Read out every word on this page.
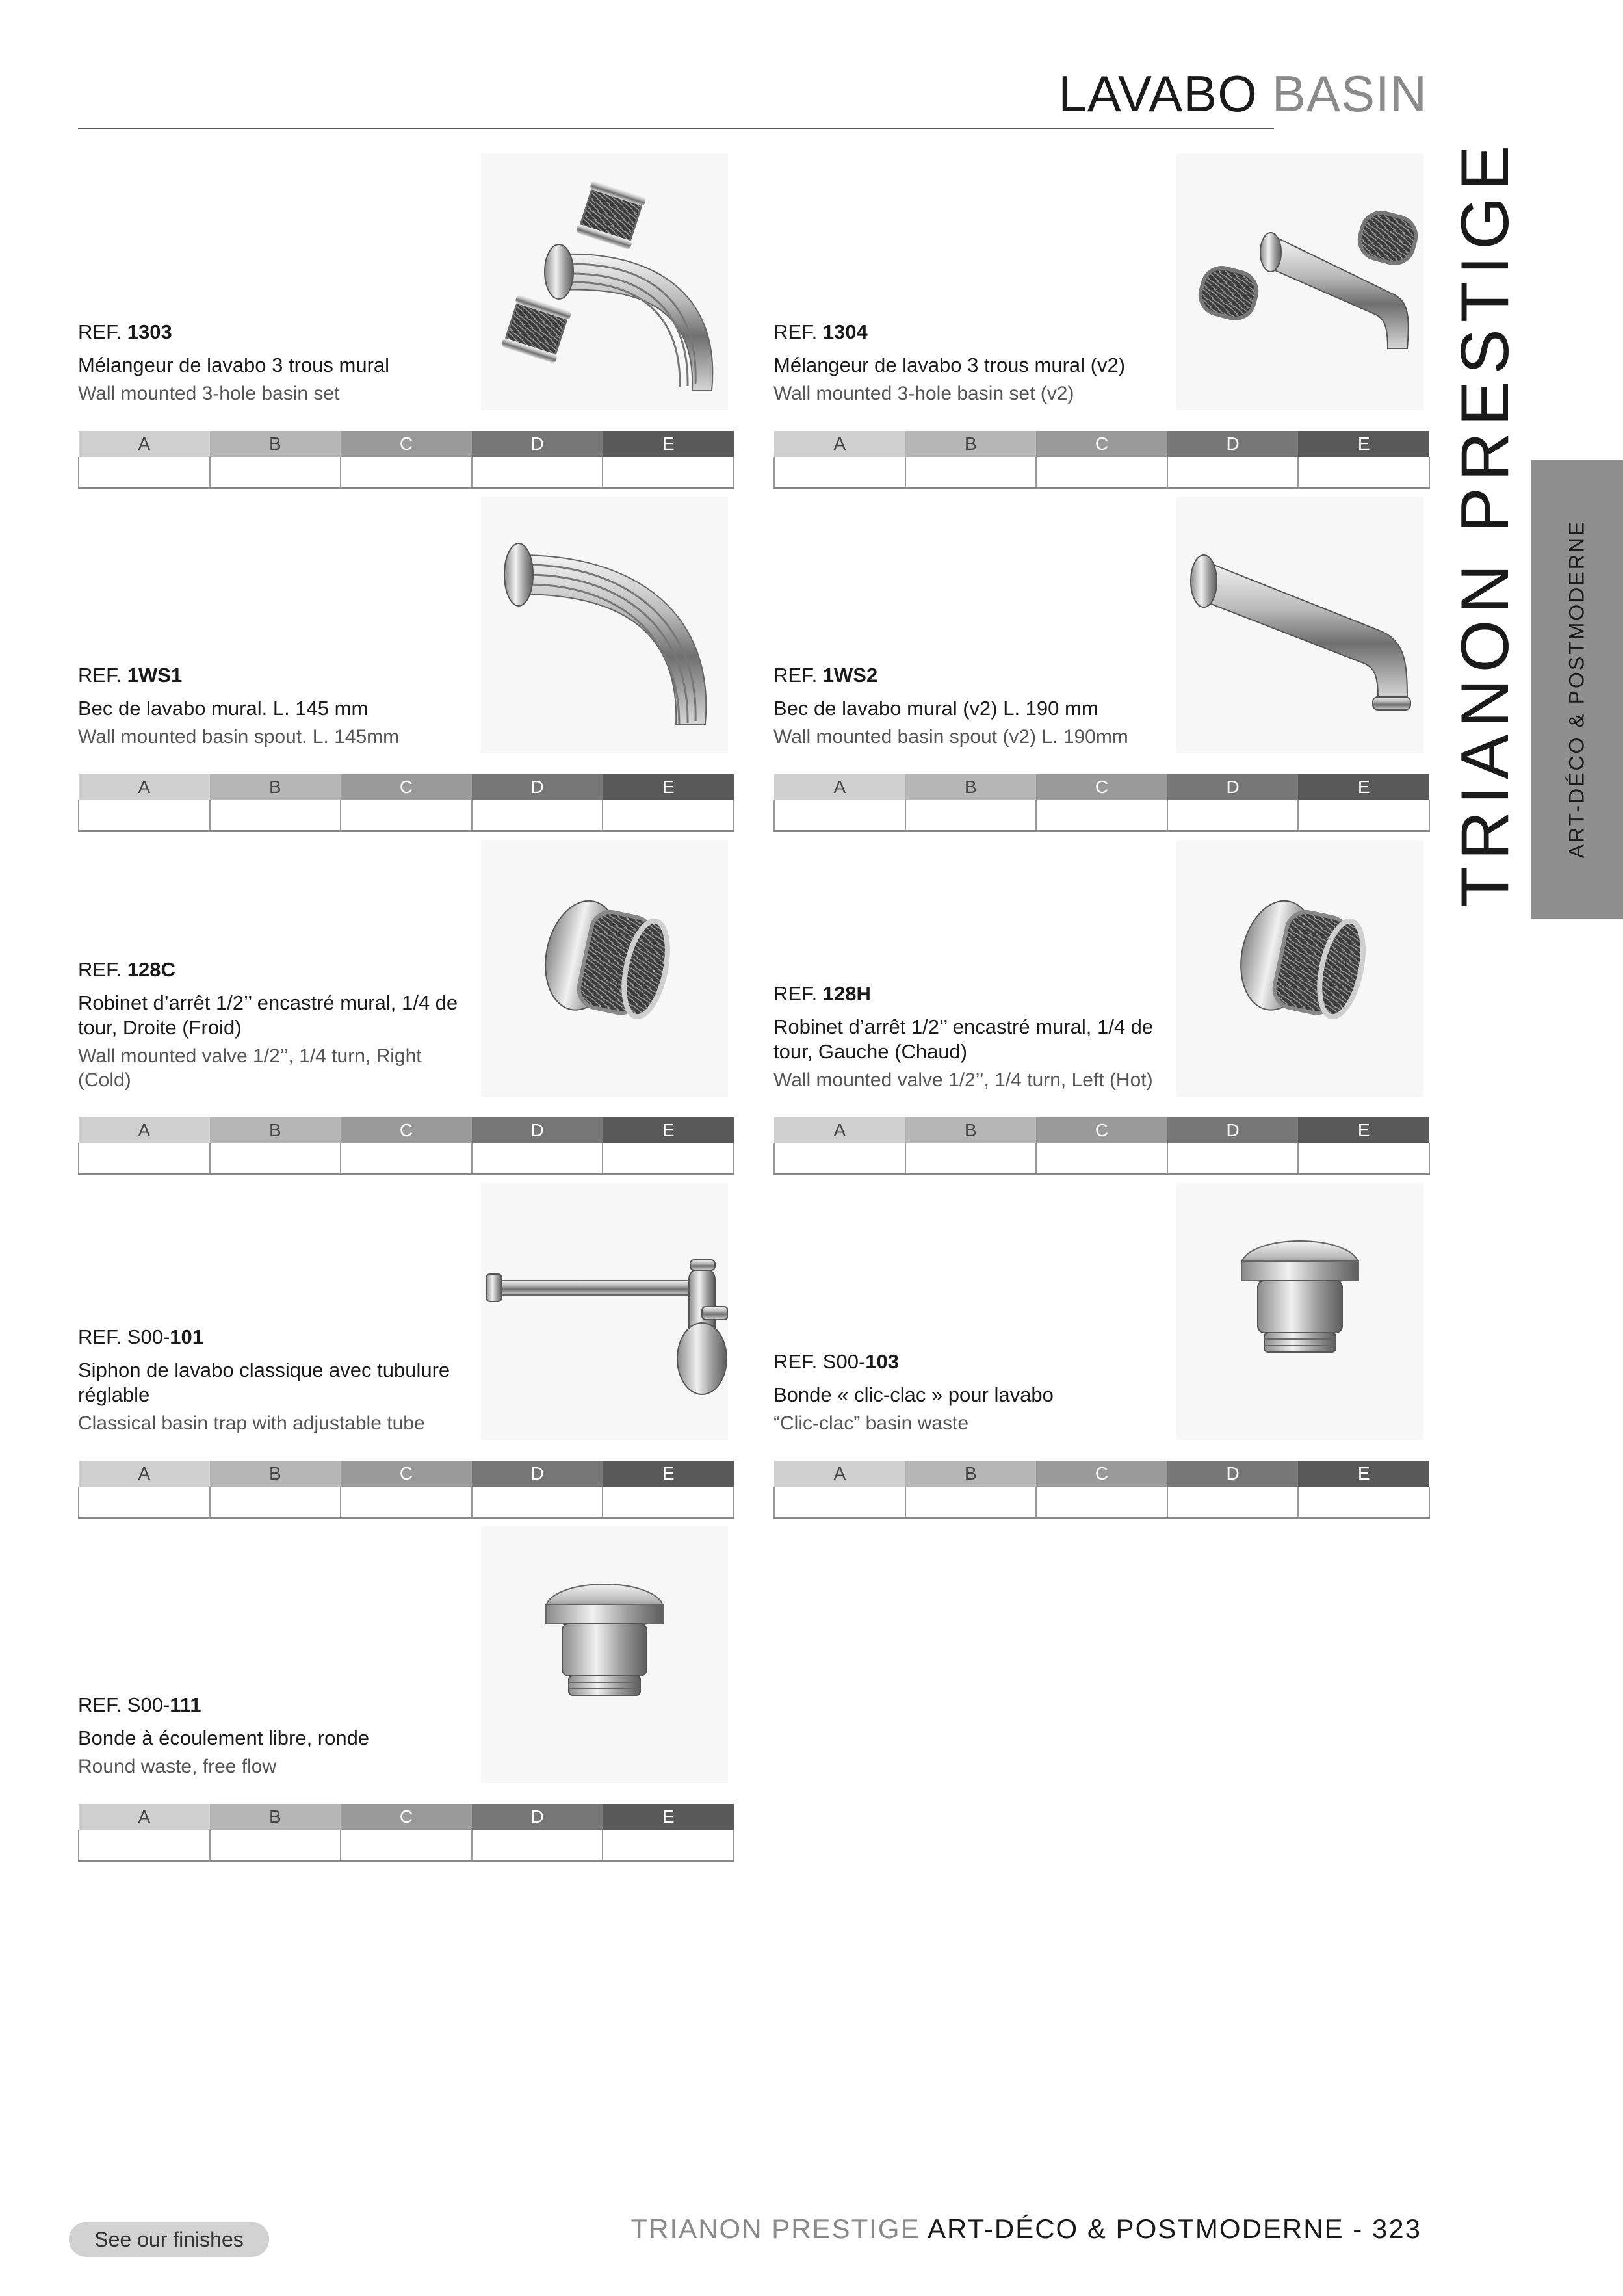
LAVABO BASIN
TRIANON PRESTIGE ART-DÉCO & POSTMODERNE
REF. 1303
Mélangeur de lavabo 3 trous mural
Wall mounted 3-hole basin set
A	B	C	D	E

REF. 1304
Mélangeur de lavabo 3 trous mural (v2)
Wall mounted 3-hole basin set (v2)
A	B	C	D	E

REF. 1WS1
Bec de lavabo mural. L. 145 mm
Wall mounted basin spout. L. 145mm
A	B	C	D	E

REF. 1WS2
Bec de lavabo mural (v2) L. 190 mm
Wall mounted basin spout (v2) L. 190mm
A	B	C	D	E

REF. 128C
Robinet d’arrêt 1/2’’ encastré mural, 1/4 de tour, Droite (Froid)
Wall mounted valve 1/2’’, 1/4 turn, Right (Cold)
A	B	C	D	E

REF. 128H
Robinet d’arrêt 1/2’’ encastré mural, 1/4 de tour, Gauche (Chaud)
Wall mounted valve 1/2’’, 1/4 turn, Left (Hot)
A	B	C	D	E

REF. S00-101
Siphon de lavabo classique avec tubulure réglable
Classical basin trap with adjustable tube
A	B	C	D	E

REF. S00-103
Bonde « clic-clac » pour lavabo
“Clic-clac” basin waste
A	B	C	D	E

REF. S00-111
Bonde à écoulement libre, ronde
Round waste, free flow
A	B	C	D	E

See our finishes	TRIANON PRESTIGE ART-DÉCO & POSTMODERNE - 323
